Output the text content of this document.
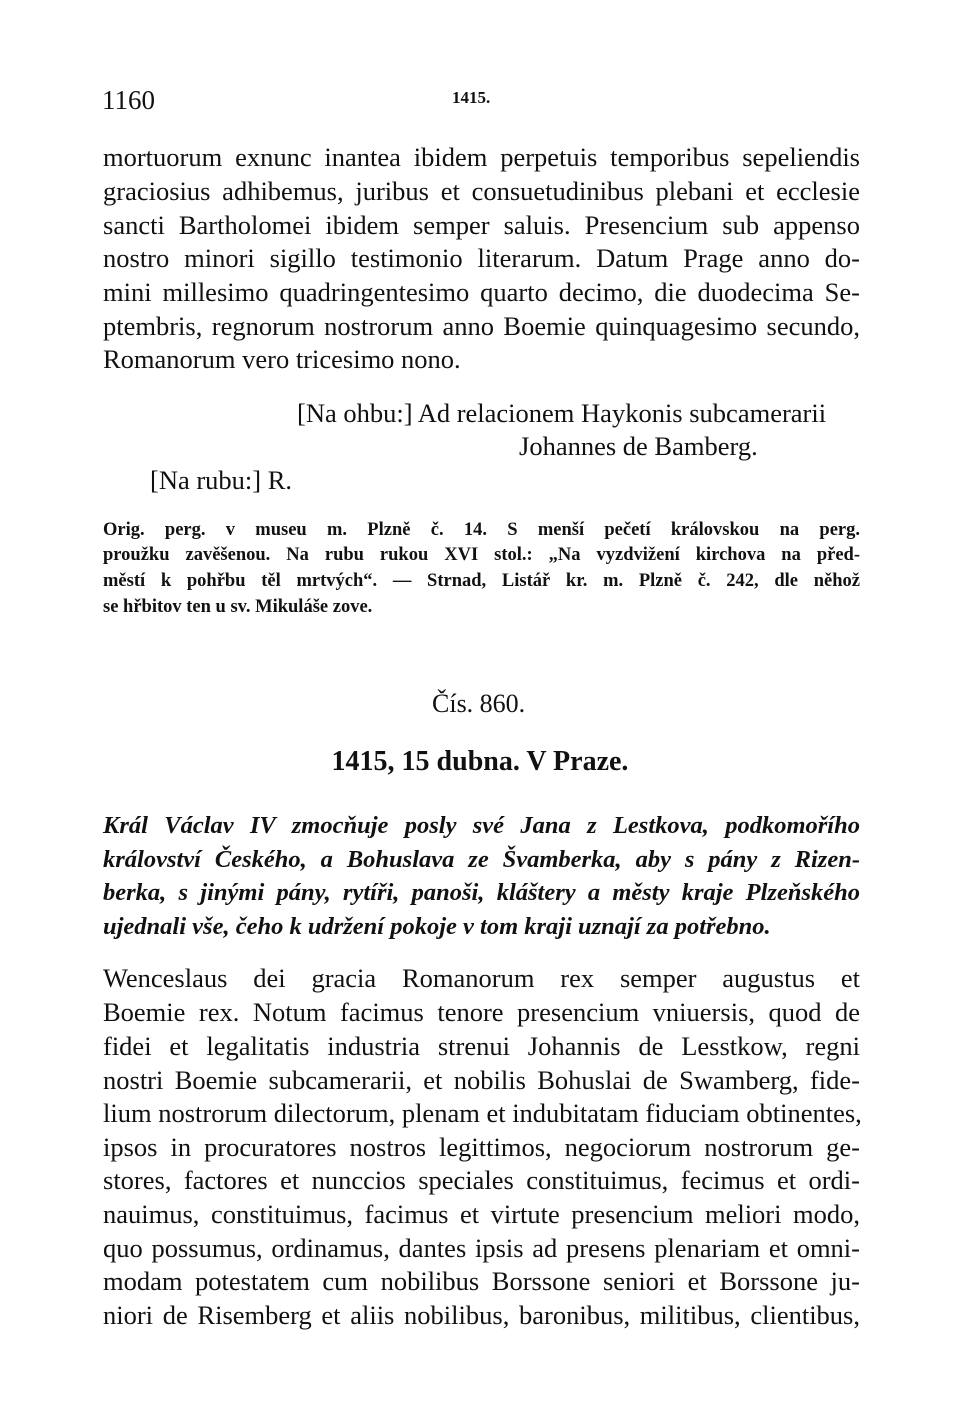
1160	1415.
mortuorum exnunc inantea ibidem perpetuis temporibus sepeliendis
graciosius adhibemus, juribus et consuetudinibus plebani et ecclesie
sancti Bartholomei ibidem semper saluis. Presencium sub appenso
nostro minori sigillo testimonio literarum. Datum Prage anno do-
mini millesimo quadringentesimo quarto decimo, die duodecima Se-
ptembris, regnorum nostrorum anno Boemie quinquagesimo secundo,
Romanorum vero tricesimo nono.
[Na ohbu:] Ad relacionem Haykonis subcamerarii
Johannes de Bamberg.
[Na rubu:] R.
Orig. perg. v museu m. Plzně č. 14. S menší pečetí královskou na perg.
proužku zavěšenou. Na rubu rukou XVI stol.: „Na vyzdvižení kirchova na před-
městí k pohřbu těl mrtvých“. — Strnad, Listář kr. m. Plzně č. 242, dle něhož
se hřbitov ten u sv. Mikuláše zove.
Čís. 860.
1415, 15 dubna. V Praze.
Král Václav IV zmocňuje posly své Jana z Lestkova, podkomořího
království Českého, a Bohuslava ze Švamberka, aby s pány z Rizen-
berka, s jinými pány, rytíři, panoši, kláštery a městy kraje Plzeňského
ujednali vše, čeho k udržení pokoje v tom kraji uznají za potřebno.
Wenceslaus dei gracia Romanorum rex semper augustus et
Boemie rex. Notum facimus tenore presencium vniuersis, quod de
fidei et legalitatis industria strenui Johannis de Lesstkow, regni
nostri Boemie subcamerarii, et nobilis Bohuslai de Swamberg, fide-
lium nostrorum dilectorum, plenam et indubitatam fiduciam obtinentes,
ipsos in procuratores nostros legittimos, negociorum nostrorum ge-
stores, factores et nunccios speciales constituimus, fecimus et ordi-
nauimus, constituimus, facimus et virtute presencium meliori modo,
quo possumus, ordinamus, dantes ipsis ad presens plenariam et omni-
modam potestatem cum nobilibus Borssone seniori et Borssone ju-
niori de Risemberg et aliis nobilibus, baronibus, militibus, clientibus,
